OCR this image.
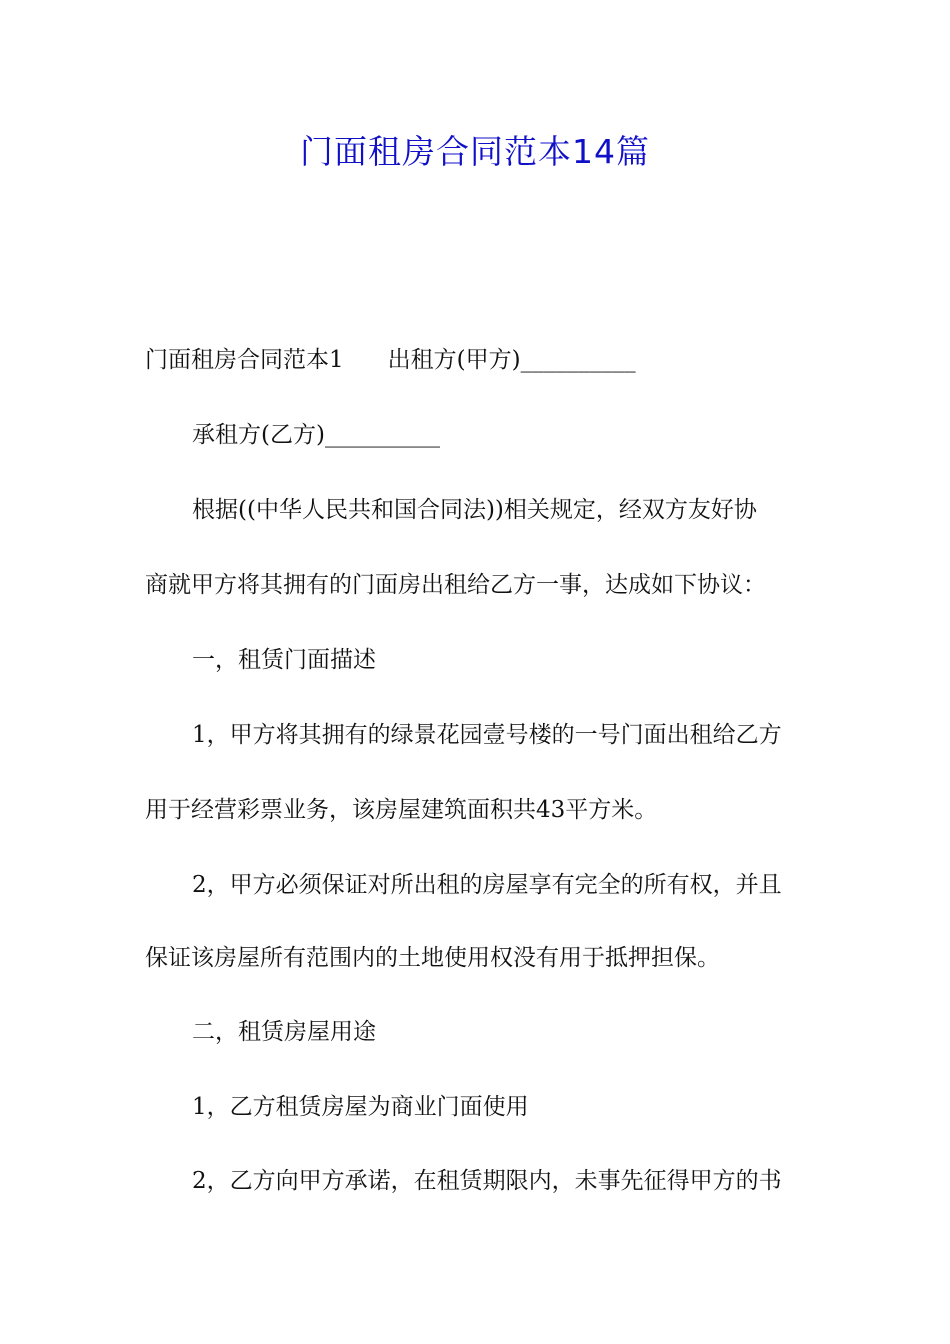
门面租房合同范本14篇
门面租房合同范本1 出租方(甲方)__________
承租方(乙方)__________
根据((中华人民共和国合同法))相关规定，经双方友好协
商就甲方将其拥有的门面房出租给乙方一事，达成如下协议：
一，租赁门面描述
1，甲方将其拥有的绿景花园壹号楼的一号门面出租给乙方
用于经营彩票业务，该房屋建筑面积共43平方米。
2，甲方必须保证对所出租的房屋享有完全的所有权，并且
保证该房屋所有范围内的土地使用权没有用于抵押担保。
二，租赁房屋用途
1，乙方租赁房屋为商业门面使用
2，乙方向甲方承诺，在租赁期限内，未事先征得甲方的书
